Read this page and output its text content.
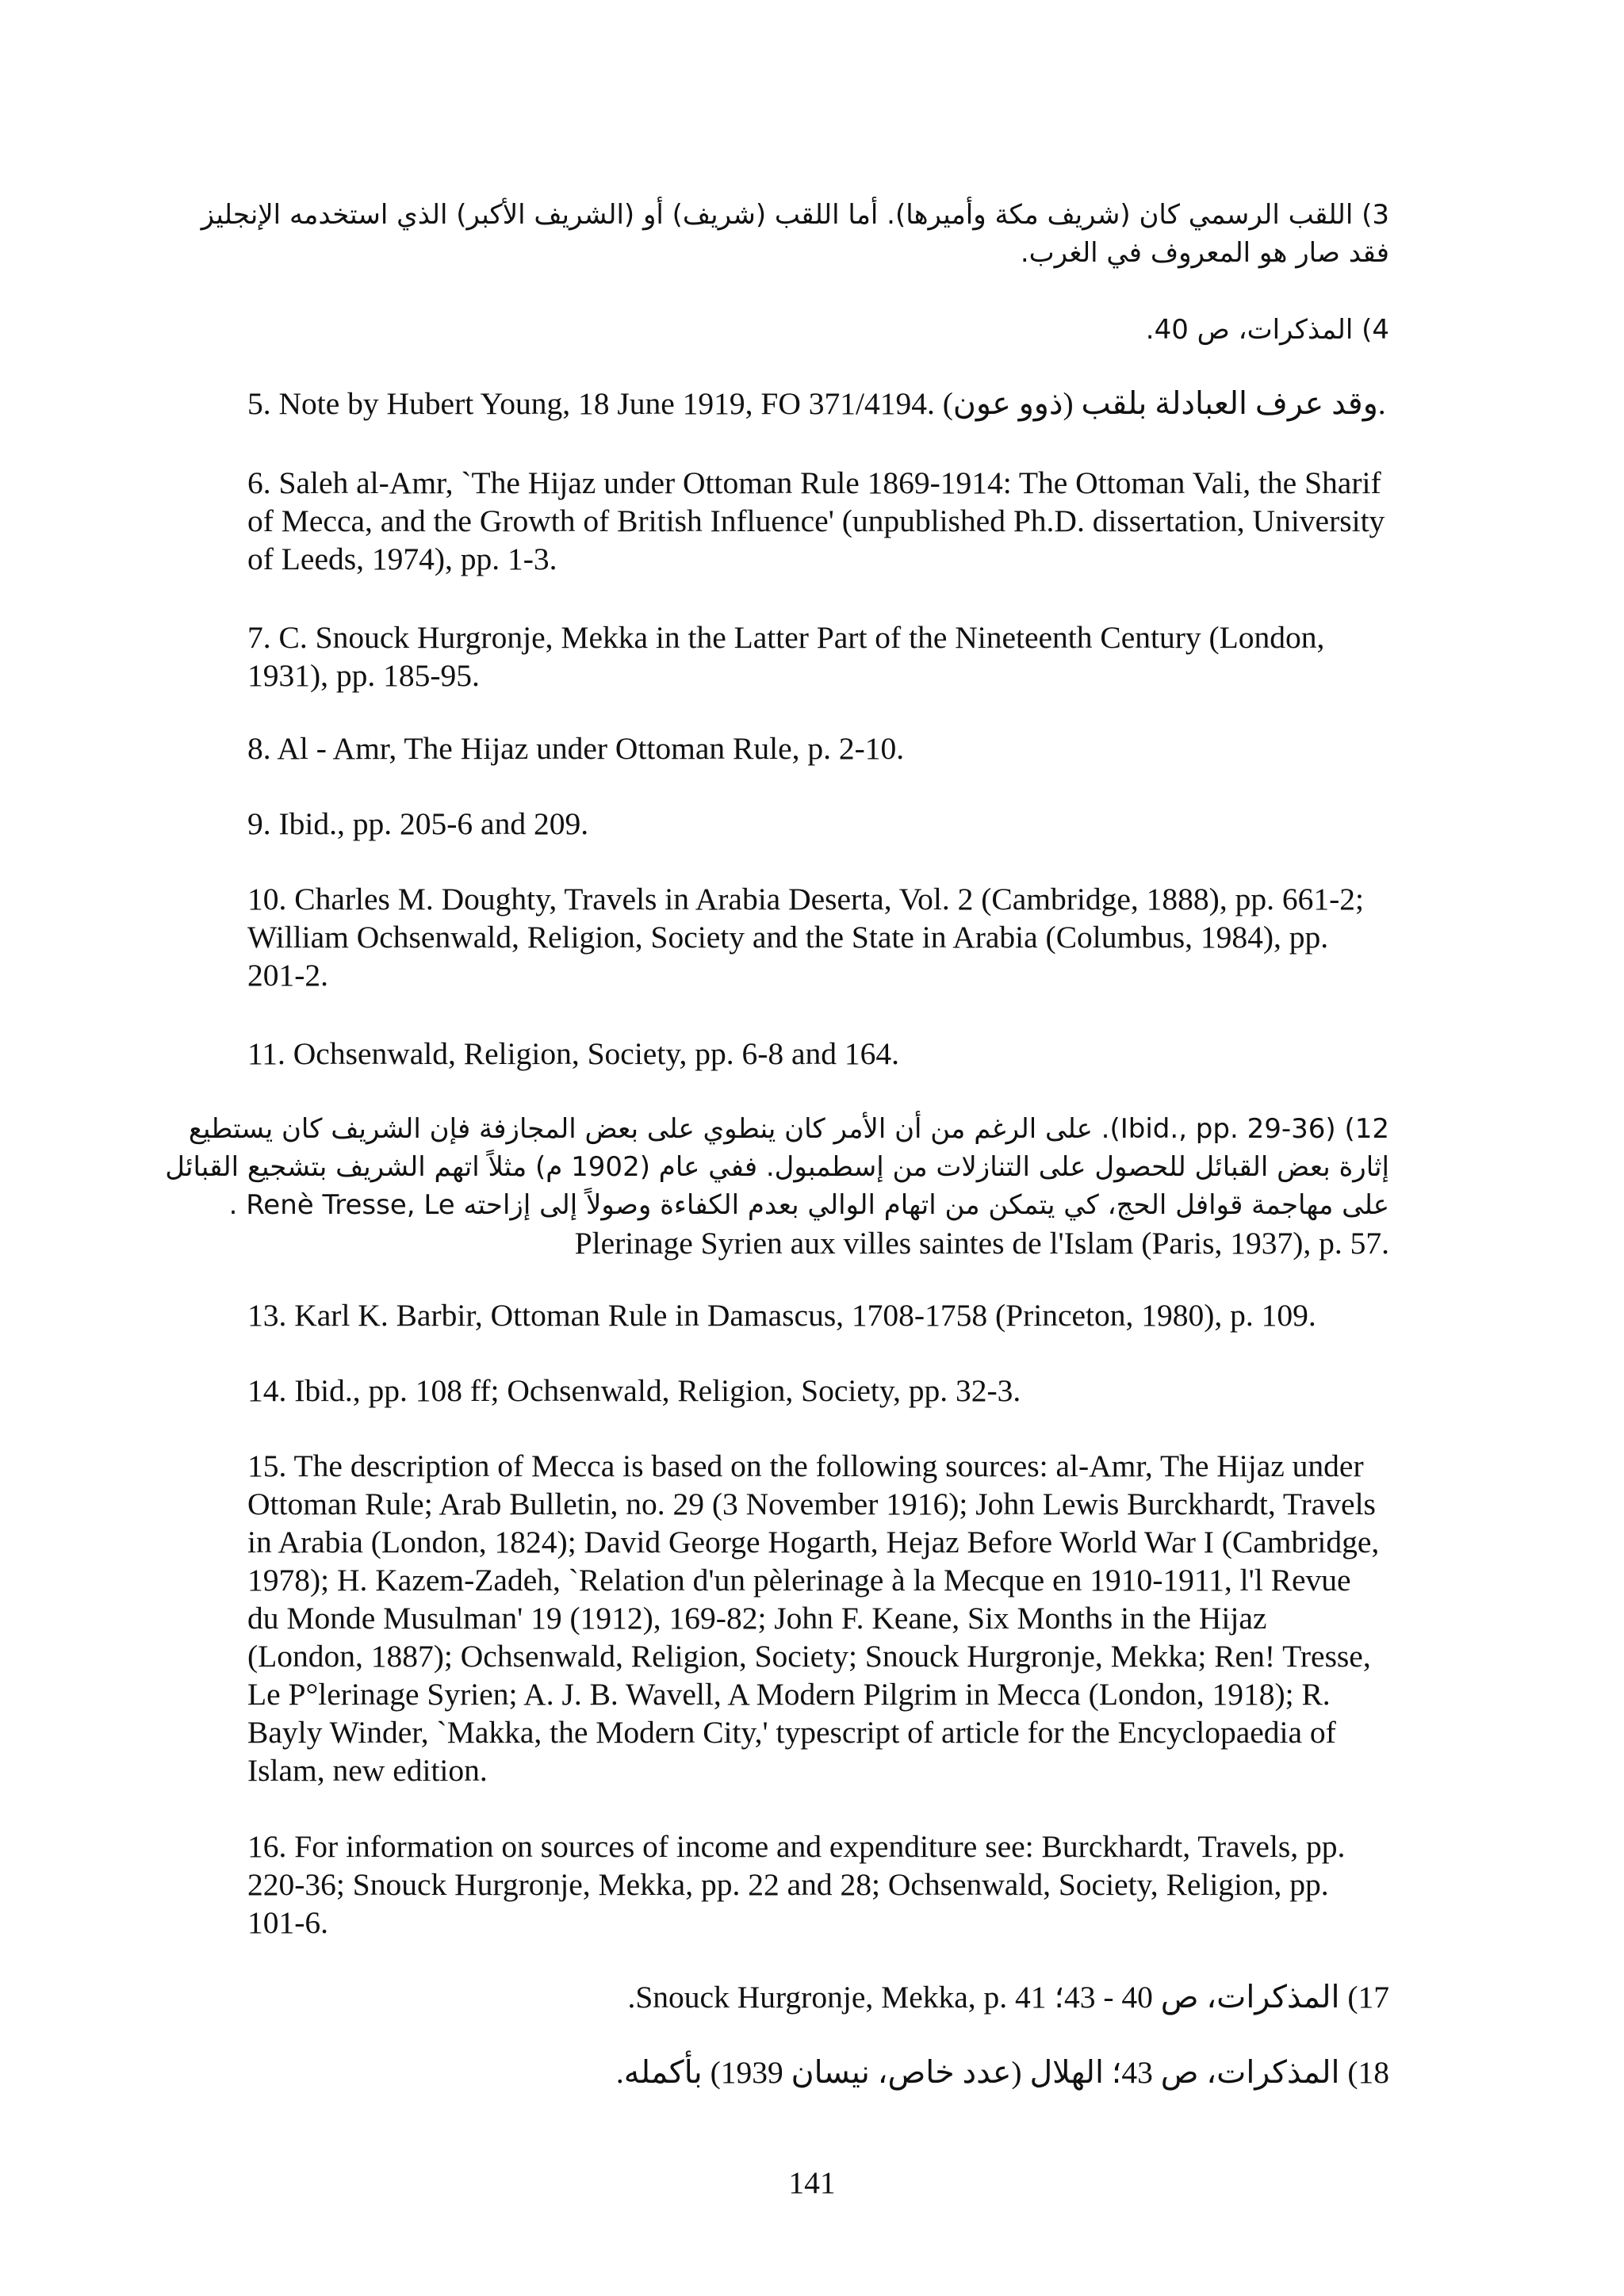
3) اللقب الرسمي كان (شريف مكة وأميرها). أما اللقب (شريف) أو (الشريف الأكبر) الذي استخدمه الإنجليز
فقد صار هو المعروف في الغرب.
4) المذكرات، ص 40.

5. Note by Hubert Young, 18 June 1919, FO 371/4194. وقد عرف العبادلة بلقب (ذوو عون).

6. Saleh al-Amr, `The Hijaz under Ottoman Rule 1869-1914: The Ottoman Vali, the Sharif of Mecca, and the Growth of British Influence' (unpublished Ph.D. dissertation, University of Leeds, 1974), pp. 1-3.

7. C. Snouck Hurgronje, Mekka in the Latter Part of the Nineteenth Century (London, 1931), pp. 185-95.

8. Al - Amr, The Hijaz under Ottoman Rule, p. 2-10.

9. Ibid., pp. 205-6 and 209.

10. Charles M. Doughty, Travels in Arabia Deserta, Vol. 2 (Cambridge, 1888), pp. 661-2; William Ochsenwald, Religion, Society and the State in Arabia (Columbus, 1984), pp. 201-2.

11. Ochsenwald, Religion, Society, pp. 6-8 and 164.

12) (Ibid., pp. 29-36). على الرغم من أن الأمر كان ينطوي على بعض المجازفة فإن الشريف كان يستطيع
إثارة بعض القبائل للحصول على التنازلات من إسطمبول. ففي عام (1902 م) مثلاً اتهم الشريف بتشجيع القبائل
على مهاجمة قوافل الحج، كي يتمكن من اتهام الوالي بعدم الكفاءة وصولاً إلى إزاحته Renè Tresse, Le .
Plerinage Syrien aux villes saintes de l'Islam (Paris, 1937), p. 57.

13. Karl K. Barbir, Ottoman Rule in Damascus, 1708-1758 (Princeton, 1980), p. 109.

14. Ibid., pp. 108 ff; Ochsenwald, Religion, Society, pp. 32-3.

15. The description of Mecca is based on the following sources: al-Amr, The Hijaz under Ottoman Rule; Arab Bulletin, no. 29 (3 November 1916); John Lewis Burckhardt, Travels in Arabia (London, 1824); David George Hogarth, Hejaz Before World War I (Cambridge, 1978); H. Kazem-Zadeh, `Relation d'un pèlerinage à la Mecque en 1910-1911, l'l Revue du Monde Musulman' 19 (1912), 169-82; John F. Keane, Six Months in the Hijaz (London, 1887); Ochsenwald, Religion, Society; Snouck Hurgronje, Mekka; Ren! Tresse, Le P°lerinage Syrien; A. J. B. Wavell, A Modern Pilgrim in Mecca (London, 1918); R. Bayly Winder, `Makka, the Modern City,' typescript of article for the Encyclopaedia of Islam, new edition.

16. For information on sources of income and expenditure see: Burckhardt, Travels, pp. 220-36; Snouck Hurgronje, Mekka, pp. 22 and 28; Ochsenwald, Society, Religion, pp. 101-6.

17) المذكرات، ص 40 - 43؛ Snouck Hurgronje, Mekka, p. 41.

18) المذكرات، ص 43؛ الهلال (عدد خاص، نيسان 1939) بأكمله.

141
